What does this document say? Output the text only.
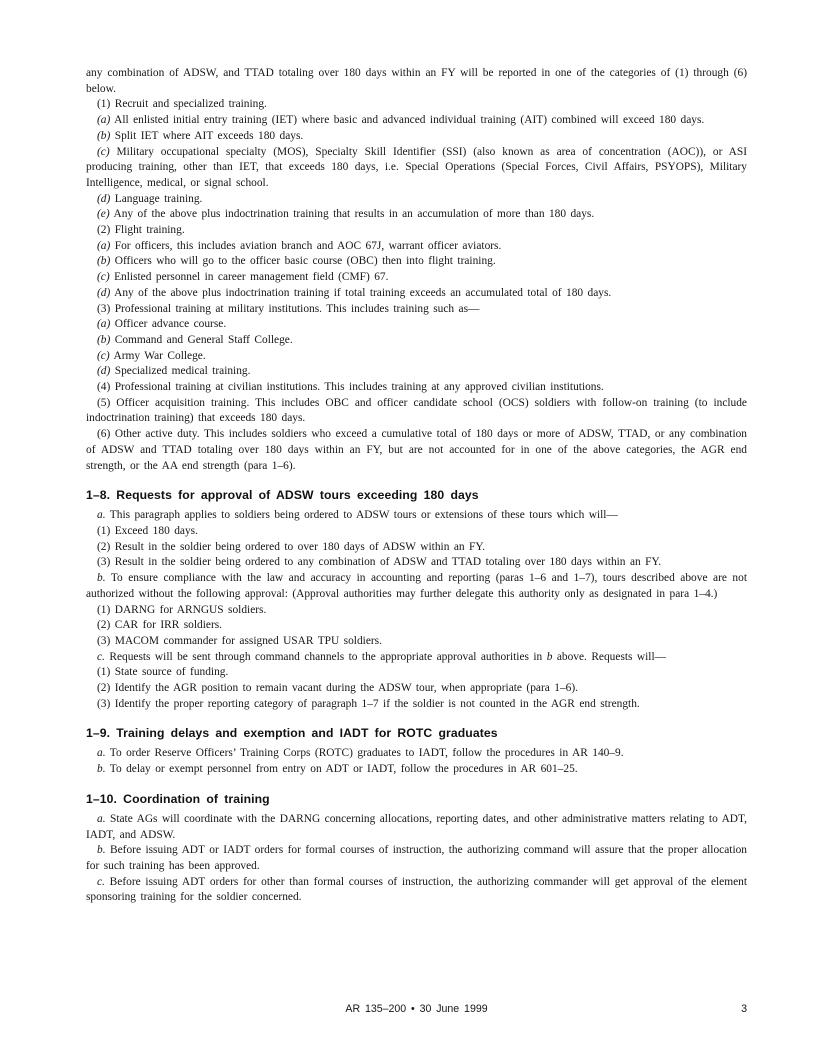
any combination of ADSW, and TTAD totaling over 180 days within an FY will be reported in one of the categories of (1) through (6) below.

(1) Recruit and specialized training.

(a) All enlisted initial entry training (IET) where basic and advanced individual training (AIT) combined will exceed 180 days.

(b) Split IET where AIT exceeds 180 days.

(c) Military occupational specialty (MOS), Specialty Skill Identifier (SSI) (also known as area of concentration (AOC)), or ASI producing training, other than IET, that exceeds 180 days, i.e. Special Operations (Special Forces, Civil Affairs, PSYOPS), Military Intelligence, medical, or signal school.

(d) Language training.

(e) Any of the above plus indoctrination training that results in an accumulation of more than 180 days.

(2) Flight training.

(a) For officers, this includes aviation branch and AOC 67J, warrant officer aviators.

(b) Officers who will go to the officer basic course (OBC) then into flight training.

(c) Enlisted personnel in career management field (CMF) 67.

(d) Any of the above plus indoctrination training if total training exceeds an accumulated total of 180 days.

(3) Professional training at military institutions. This includes training such as—

(a) Officer advance course.

(b) Command and General Staff College.

(c) Army War College.

(d) Specialized medical training.

(4) Professional training at civilian institutions. This includes training at any approved civilian institutions.

(5) Officer acquisition training. This includes OBC and officer candidate school (OCS) soldiers with follow-on training (to include indoctrination training) that exceeds 180 days.

(6) Other active duty. This includes soldiers who exceed a cumulative total of 180 days or more of ADSW, TTAD, or any combination of ADSW and TTAD totaling over 180 days within an FY, but are not accounted for in one of the above categories, the AGR end strength, or the AA end strength (para 1–6).

1–8. Requests for approval of ADSW tours exceeding 180 days

a. This paragraph applies to soldiers being ordered to ADSW tours or extensions of these tours which will—

(1) Exceed 180 days.

(2) Result in the soldier being ordered to over 180 days of ADSW within an FY.

(3) Result in the soldier being ordered to any combination of ADSW and TTAD totaling over 180 days within an FY.

b. To ensure compliance with the law and accuracy in accounting and reporting (paras 1–6 and 1–7), tours described above are not authorized without the following approval: (Approval authorities may further delegate this authority only as designated in para 1–4.)

(1) DARNG for ARNGUS soldiers.

(2) CAR for IRR soldiers.

(3) MACOM commander for assigned USAR TPU soldiers.

c. Requests will be sent through command channels to the appropriate approval authorities in b above. Requests will—

(1) State source of funding.

(2) Identify the AGR position to remain vacant during the ADSW tour, when appropriate (para 1–6).

(3) Identify the proper reporting category of paragraph 1–7 if the soldier is not counted in the AGR end strength.

1–9. Training delays and exemption and IADT for ROTC graduates

a. To order Reserve Officers’ Training Corps (ROTC) graduates to IADT, follow the procedures in AR 140–9.

b. To delay or exempt personnel from entry on ADT or IADT, follow the procedures in AR 601–25.

1–10. Coordination of training

a. State AGs will coordinate with the DARNG concerning allocations, reporting dates, and other administrative matters relating to ADT, IADT, and ADSW.

b. Before issuing ADT or IADT orders for formal courses of instruction, the authorizing command will assure that the proper allocation for such training has been approved.

c. Before issuing ADT orders for other than formal courses of instruction, the authorizing commander will get approval of the element sponsoring training for the soldier concerned.

AR 135–200 • 30 June 1999	3
